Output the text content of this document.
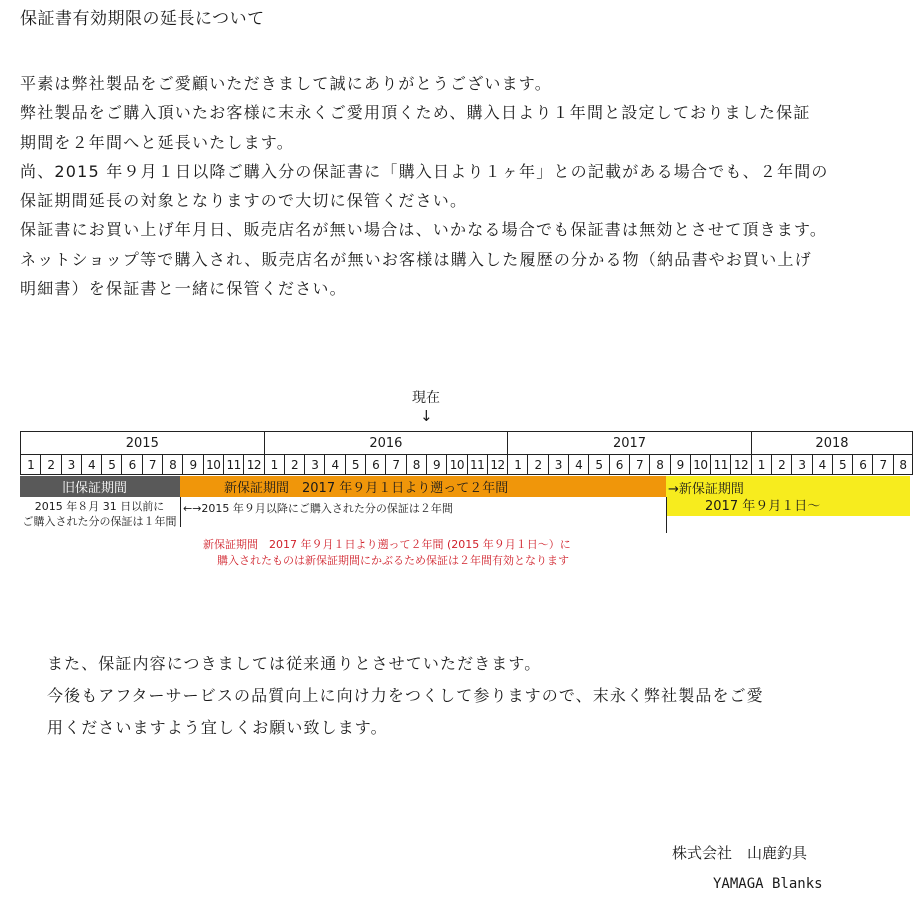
保証書有効期限の延長について

平素は弊社製品をご愛顧いただきまして誠にありがとうございます。

弊社製品をご購入頂いたお客様に末永くご愛用頂くため、購入日より１年間と設定しておりました保証

期間を２年間へと延長いたします。

尚、2015 年９月１日以降ご購入分の保証書に「購入日より１ヶ年」との記載がある場合でも、２年間の

保証期間延長の対象となりますので大切に保管ください。

保証書にお買い上げ年月日、販売店名が無い場合は、いかなる場合でも保証書は無効とさせて頂きます。

ネットショップ等で購入され、販売店名が無いお客様は購入した履歴の分かる物（納品書やお買い上げ

明細書）を保証書と一緒に保管ください。

現在
↓
2015	2016	2017	2018
1	2	3	4	5	6	7	8	9 10 11 12 1	2	3	4	5	6	7	8	9 10 11 12 1	2	3	4	5	6	7	8	9 10 11 12 1	2	3	4	5	6	7	8
旧保証期間	新保証期間　2017 年９月１日より遡って２年間	→新保証期間
2017 年９月１日〜
2015 年８月 31 日以前に
ご購入された分の保証は１年間
←→2015 年９月以降にご購入された分の保証は２年間
新保証期間　2017 年９月１日より遡って２年間 (2015 年９月１日〜）に
購入されたものは新保証期間にかぶるため保証は２年間有効となります

また、保証内容につきましては従来通りとさせていただきます。

今後もアフターサービスの品質向上に向け力をつくして参りますので、末永く弊社製品をご愛

用くださいますよう宜しくお願い致します。

株式会社　山鹿釣具
YAMAGA Blanks
